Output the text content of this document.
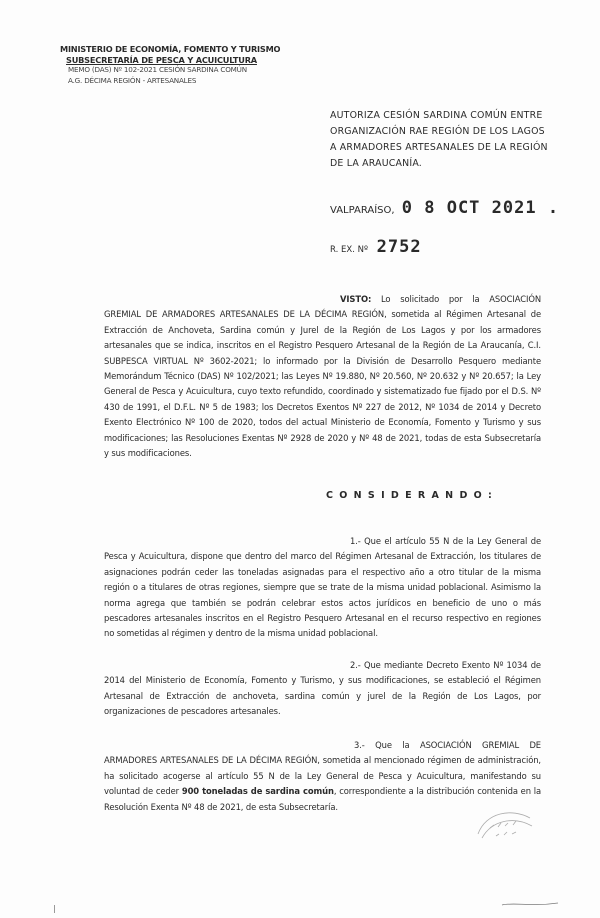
MINISTERIO DE ECONOMÍA, FOMENTO Y TURISMO
SUBSECRETARÍA DE PESCA Y ACUICULTURA
MEMO (DAS) Nº 102-2021 CESIÓN SARDINA COMÚN
A.G. DÉCIMA REGIÓN - ARTESANALES
AUTORIZA CESIÓN SARDINA COMÚN ENTRE ORGANIZACIÓN RAE REGIÓN DE LOS LAGOS A ARMADORES ARTESANALES DE LA REGIÓN DE LA ARAUCANÍA.
VALPARAÍSO, 0 8 OCT 2021 .
R. EX. Nº 2752
VISTO: Lo solicitado por la ASOCIACIÓN GREMIAL DE ARMADORES ARTESANALES DE LA DÉCIMA REGIÓN, sometida al Régimen Artesanal de Extracción de Anchoveta, Sardina común y Jurel de la Región de Los Lagos y por los armadores artesanales que se indica, inscritos en el Registro Pesquero Artesanal de la Región de La Araucanía, C.I. SUBPESCA VIRTUAL Nº 3602-2021; lo informado por la División de Desarrollo Pesquero mediante Memorándum Técnico (DAS) Nº 102/2021; las Leyes Nº 19.880, Nº 20.560, Nº 20.632 y Nº 20.657; la Ley General de Pesca y Acuicultura, cuyo texto refundido, coordinado y sistematizado fue fijado por el D.S. Nº 430 de 1991, el D.F.L. Nº 5 de 1983; los Decretos Exentos Nº 227 de 2012, Nº 1034 de 2014 y Decreto Exento Electrónico Nº 100 de 2020, todos del actual Ministerio de Economía, Fomento y Turismo y sus modificaciones; las Resoluciones Exentas Nº 2928 de 2020 y Nº 48 de 2021, todas de esta Subsecretaría y sus modificaciones.
C O N S I D E R A N D O :
1.- Que el artículo 55 N de la Ley General de Pesca y Acuicultura, dispone que dentro del marco del Régimen Artesanal de Extracción, los titulares de asignaciones podrán ceder las toneladas asignadas para el respectivo año a otro titular de la misma región o a titulares de otras regiones, siempre que se trate de la misma unidad poblacional. Asimismo la norma agrega que también se podrán celebrar estos actos jurídicos en beneficio de uno o más pescadores artesanales inscritos en el Registro Pesquero Artesanal en el recurso respectivo en regiones no sometidas al régimen y dentro de la misma unidad poblacional.
2.- Que mediante Decreto Exento Nº 1034 de 2014 del Ministerio de Economía, Fomento y Turismo, y sus modificaciones, se estableció el Régimen Artesanal de Extracción de anchoveta, sardina común y jurel de la Región de Los Lagos, por organizaciones de pescadores artesanales.
3.- Que la ASOCIACIÓN GREMIAL DE ARMADORES ARTESANALES DE LA DÉCIMA REGIÓN, sometida al mencionado régimen de administración, ha solicitado acogerse al artículo 55 N de la Ley General de Pesca y Acuicultura, manifestando su voluntad de ceder 900 toneladas de sardina común, correspondiente a la distribución contenida en la Resolución Exenta Nº 48 de 2021, de esta Subsecretaría.
